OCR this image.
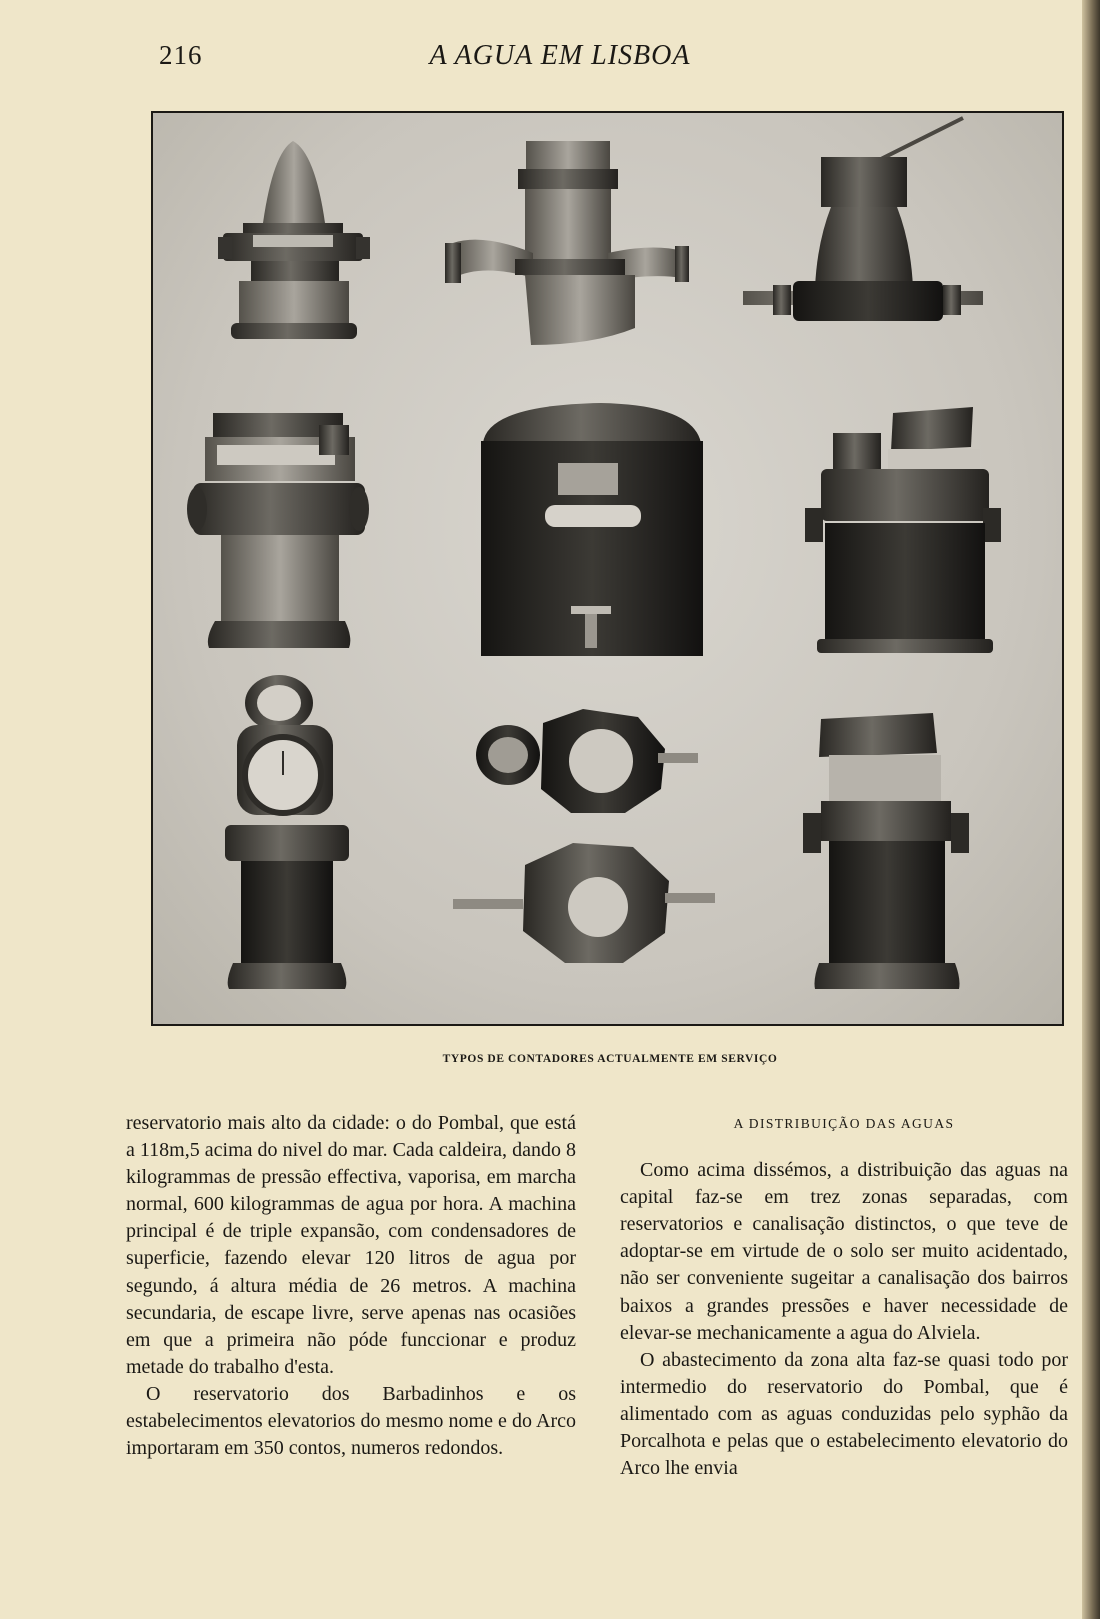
216	A AGUA EM LISBOA
TYPOS DE CONTADORES ACTUALMENTE EM SERVIÇO

reservatorio mais alto da cidade: o do Pombal, que está a 118m,5 acima do nivel do mar. Cada caldeira, dando 8 kilogrammas de pressão effectiva, vaporisa, em marcha normal, 600 kilogrammas de agua por hora. A machina principal é de triple expansão, com condensadores de superficie, fazendo elevar 120 litros de agua por segundo, á altura média de 26 metros. A machina secundaria, de escape livre, serve apenas nas ocasiões em que a primeira não póde funccionar e produz metade do trabalho d'esta.

O reservatorio dos Barbadinhos e os estabelecimentos elevatorios do mesmo nome e do Arco importaram em 350 contos, numeros redondos.

A DISTRIBUIÇÃO DAS AGUAS

Como acima dissémos, a distribuição das aguas na capital faz-se em trez zonas separadas, com reservatorios e canalisação distinctos, o que teve de adoptar-se em virtude de o solo ser muito acidentado, não ser conveniente sugeitar a canalisação dos bairros baixos a grandes pressões e haver necessidade de elevar-se mechanicamente a agua do Alviela.

O abastecimento da zona alta faz-se quasi todo por intermedio do reservatorio do Pombal, que é alimentado com as aguas conduzidas pelo syphão da Porcalhota e pelas que o estabelecimento elevatorio do Arco lhe envia
